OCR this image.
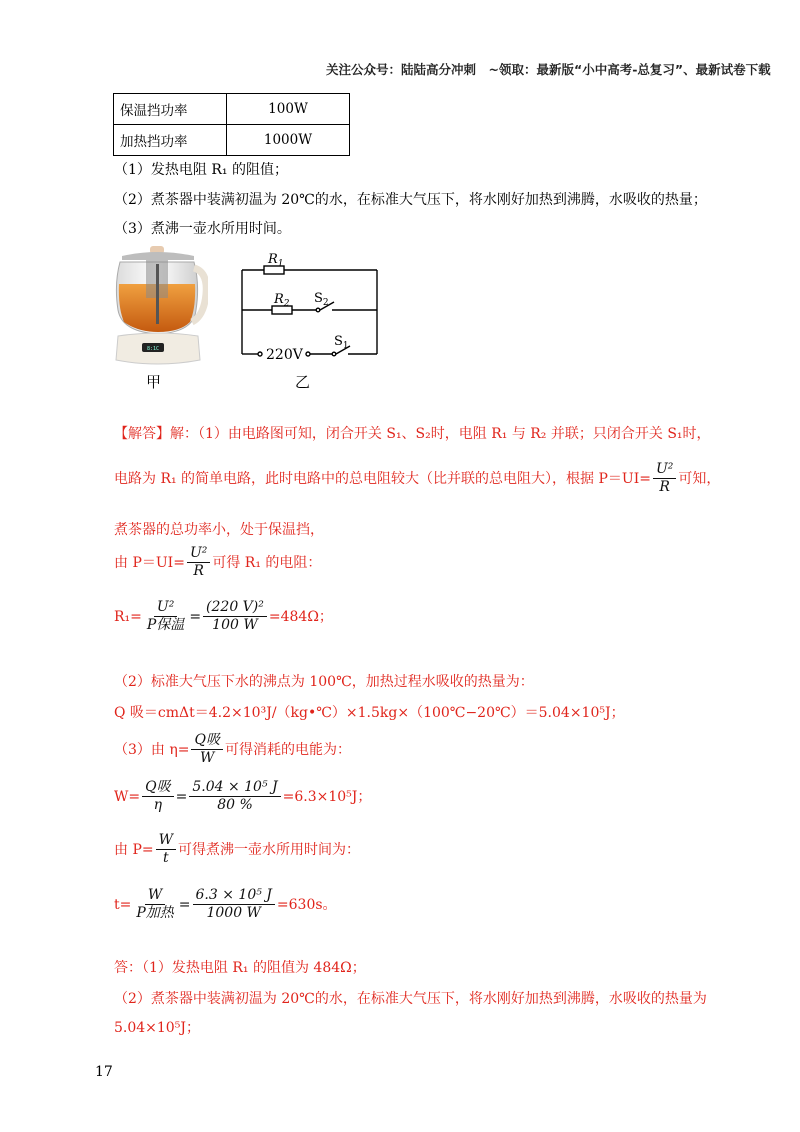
关注公众号：陆陆高分冲刺　~领取：最新版“小中高考-总复习”、最新试卷下载
保温挡功率	100W
加热挡功率	1000W
（1）发热电阻 R₁ 的阻值；
（2）煮茶器中装满初温为 20℃的水，在标准大气压下，将水刚好加热到沸腾，水吸收的热量；
（3）煮沸一壶水所用时间。
8:1C
甲
$R_1$
$R_2$ $S_2$
$S_1$
220V
乙
【解答】解：（1）由电路图可知，闭合开关 S₁、S₂时，电阻 R₁ 与 R₂ 并联；只闭合开关 S₁时，
电路为 R₁ 的简单电路，此时电路中的总电阻较大（比并联的总电阻大），根据 $P=UI= \frac{\text{U²}}{R}$ 可知，
煮茶器的总功率小，处于保温挡，
由 $P=UI= \frac{\text{U²}}{R}$ 可得 R₁ 的电阻：
$R_1= \frac{\text{U²}}{\text{P保温}} = \frac{\text{(220 V)²}}{100 W} =484\Omega$；
（2）标准大气压下水的沸点为 100℃，加热过程水吸收的热量为：
Q 吸＝cmΔt＝4.2×10³J/（kg•℃）×1.5kg×（100℃−20℃）＝5.04×10⁵J；
（3）由 $\eta= \frac{\text{Q吸}}{W}$ 可得消耗的电能为：
$W= \frac{\text{Q吸}}{\eta} = \frac{\text{5.04 × 10⁵ J}}{80 \%} =6.3\times 10^5J$；
由 $P= \frac{W}{t}$ 可得煮沸一壶水所用时间为：
$t= \frac{W}{\text{P加热}} = \frac{\text{6.3 × 10⁵ J}}{1000 W} =630s$。
答：（1）发热电阻 R₁ 的阻值为 484Ω；
（2）煮茶器中装满初温为 20℃的水，在标准大气压下，将水刚好加热到沸腾，水吸收的热量为
5.04×10⁵J；
17
